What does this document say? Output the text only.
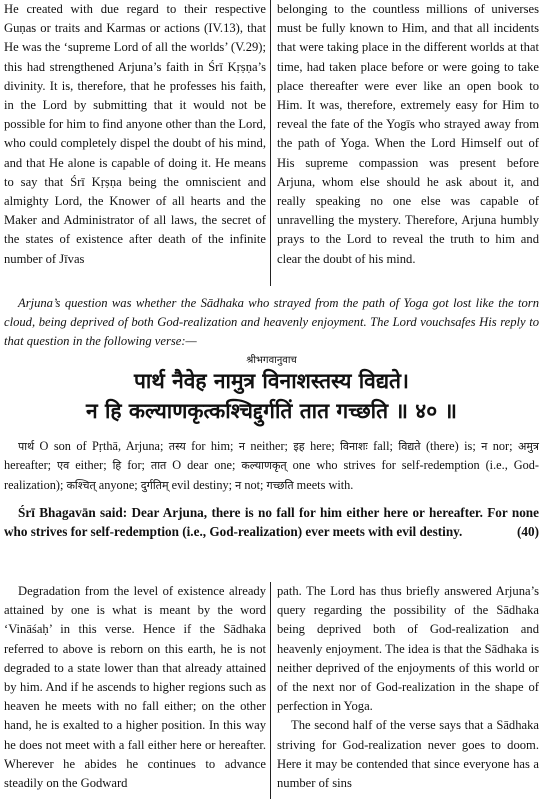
He created with due regard to their respective Guṇas or traits and Karmas or actions (IV.13), that He was the ‘supreme Lord of all the worlds’ (V.29); this had strengthened Arjuna’s faith in Śrī Kṛṣṇa’s divinity. It is, therefore, that he professes his faith, in the Lord by submitting that it would not be possible for him to find anyone other than the Lord, who could completely dispel the doubt of his mind, and that He alone is capable of doing it. He means to say that Śrī Kṛṣṇa being the omniscient and almighty Lord, the Knower of all hearts and the Maker and Administrator of all laws, the secret of the states of existence after death of the infinite number of Jīvas

belonging to the countless millions of universes must be fully known to Him, and that all incidents that were taking place in the different worlds at that time, had taken place before or were going to take place thereafter were ever like an open book to Him. It was, therefore, extremely easy for Him to reveal the fate of the Yogīs who strayed away from the path of Yoga. When the Lord Himself out of His supreme compassion was present before Arjuna, whom else should he ask about it, and really speaking no one else was capable of unravelling the mystery. Therefore, Arjuna humbly prays to the Lord to reveal the truth to him and clear the doubt of his mind.

Arjuna’s question was whether the Sādhaka who strayed from the path of Yoga got lost like the torn cloud, being deprived of both God-realization and heavenly enjoyment. The Lord vouchsafes His reply to that question in the following verse:—

श्रीभगवानुवाच
पार्थ नैवेह नामुत्र विनाशस्तस्य विद्यते।
न हि कल्याणकृत्कश्चिद्दुर्गतिं तात गच्छति ॥ ४० ॥

पार्थ O son of Pṛthā, Arjuna; तस्य for him; न neither; इह here; विनाशः fall; विद्यते (there) is; न nor; अमुत्र hereafter; एव either; हि for; तात O dear one; कल्याणकृत् one who strives for self-redemption (i.e., God-realization); कश्चित् anyone; दुर्गतिम् evil destiny; न not; गच्छति meets with.

Śrī Bhagavān said: Dear Arjuna, there is no fall for him either here or hereafter. For none who strives for self-redemption (i.e., God-realization) ever meets with evil destiny.	(40)

Degradation from the level of existence already attained by one is what is meant by the word ‘Vināśaḥ’ in this verse. Hence if the Sādhaka referred to above is reborn on this earth, he is not degraded to a state lower than that already attained by him. And if he ascends to higher regions such as heaven he meets with no fall either; on the other hand, he is exalted to a higher position. In this way he does not meet with a fall either here or hereafter. Wherever he abides he continues to advance steadily on the Godward

path. The Lord has thus briefly answered Arjuna’s query regarding the possibility of the Sādhaka being deprived both of God-realization and heavenly enjoyment. The idea is that the Sādhaka is neither deprived of the enjoyments of this world or of the next nor of God-realization in the shape of perfection in Yoga.

The second half of the verse says that a Sādhaka striving for God-realization never goes to doom. Here it may be contended that since everyone has a number of sins
